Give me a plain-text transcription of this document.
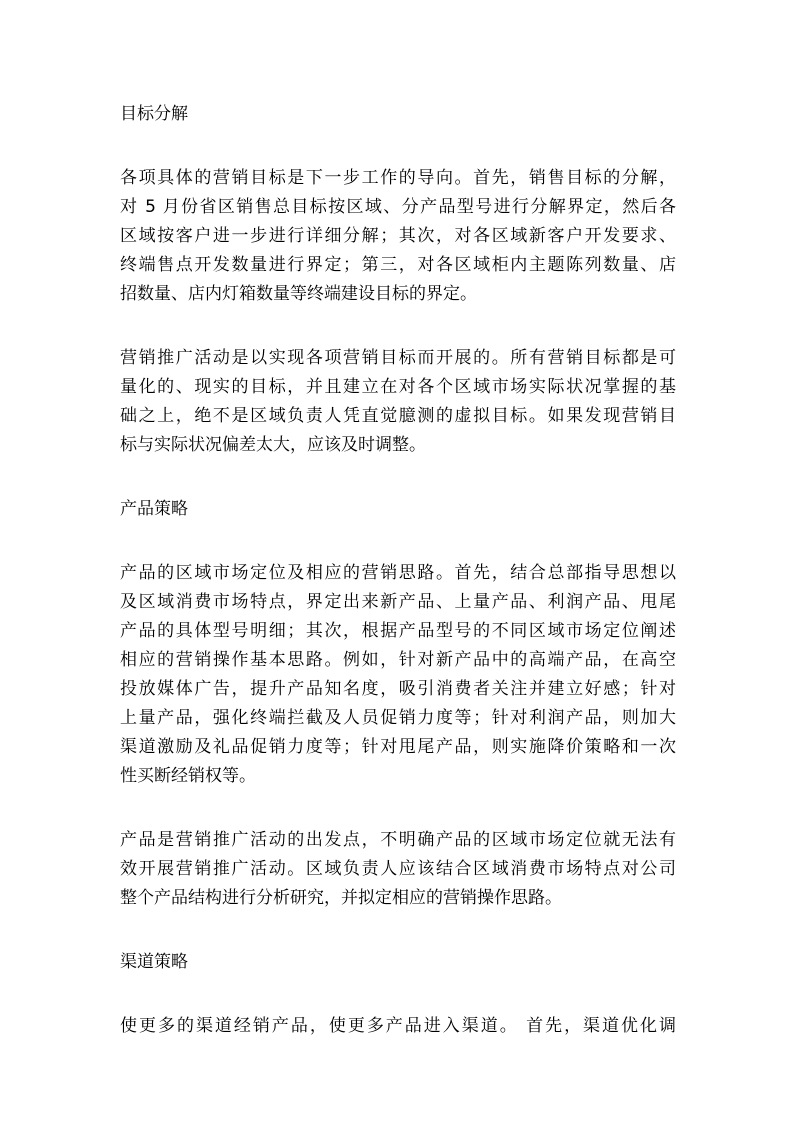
目标分解
各项具体的营销目标是下一步工作的导向。首先，销售目标的分解，
对 5 月份省区销售总目标按区域、分产品型号进行分解界定，然后各
区域按客户进一步进行详细分解；其次，对各区域新客户开发要求、
终端售点开发数量进行界定；第三，对各区域柜内主题陈列数量、店
招数量、店内灯箱数量等终端建设目标的界定。
营销推广活动是以实现各项营销目标而开展的。所有营销目标都是可
量化的、现实的目标，并且建立在对各个区域市场实际状况掌握的基
础之上，绝不是区域负责人凭直觉臆测的虚拟目标。如果发现营销目
标与实际状况偏差太大，应该及时调整。
产品策略
产品的区域市场定位及相应的营销思路。首先，结合总部指导思想以
及区域消费市场特点，界定出来新产品、上量产品、利润产品、甩尾
产品的具体型号明细；其次，根据产品型号的不同区域市场定位阐述
相应的营销操作基本思路。例如，针对新产品中的高端产品，在高空
投放媒体广告，提升产品知名度，吸引消费者关注并建立好感；针对
上量产品，强化终端拦截及人员促销力度等；针对利润产品，则加大
渠道激励及礼品促销力度等；针对甩尾产品，则实施降价策略和一次
性买断经销权等。
产品是营销推广活动的出发点，不明确产品的区域市场定位就无法有
效开展营销推广活动。区域负责人应该结合区域消费市场特点对公司
整个产品结构进行分析研究，并拟定相应的营销操作思路。
渠道策略
使更多的渠道经销产品，使更多产品进入渠道。 首先，渠道优化调
